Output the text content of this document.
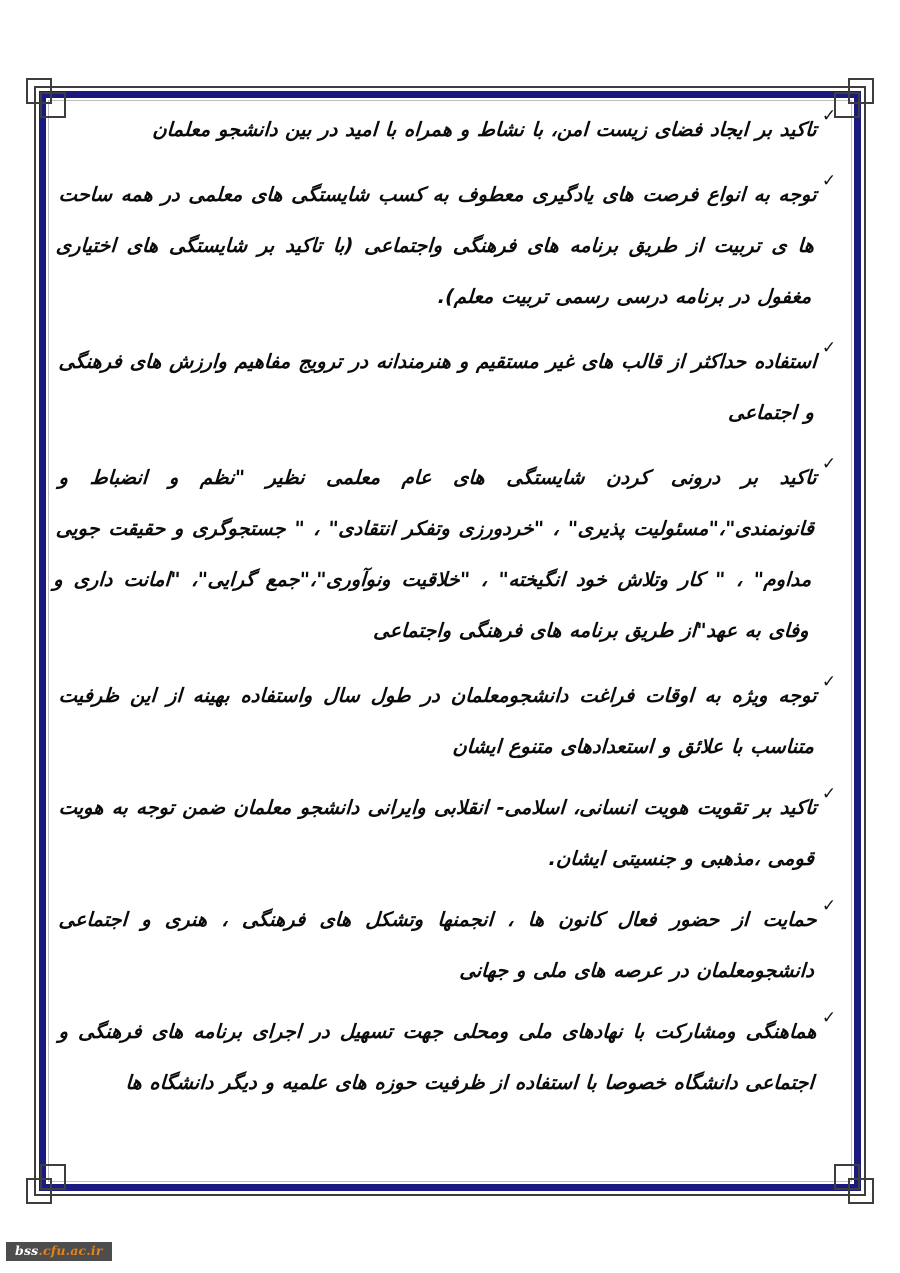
✓
تاکید بر ایجاد فضای زیست امن، با نشاط و همراه با امید در بین دانشجو معلمان
✓
توجه به انواع فرصت های یادگیری معطوف به کسب شایستگی های معلمی در همه ساحت ها ی تربیت از طریق برنامه های فرهنگی واجتماعی (با تاکید بر شایستگی های اختیاری مغفول در برنامه درسی رسمی تربیت معلم).
✓
استفاده حداکثر از قالب های غیر مستقیم و هنرمندانه در ترویج مفاهیم وارزش های فرهنگی و اجتماعی
✓
تاکید بر درونی کردن شایستگی های عام معلمی نظیر "نظم و انضباط و قانونمندی"،"مسئولیت پذیری" ، "خردورزی وتفکر انتقادی" ، " جستجوگری و حقیقت جویی مداوم" ، " کار وتلاش خود انگیخته" ، "خلاقیت ونوآوری"،"جمع گرایی"، "امانت داری و وفای به عهد"از طریق برنامه های فرهنگی واجتماعی
✓
توجه ویژه به اوقات فراغت دانشجومعلمان در طول سال واستفاده بهینه از این ظرفیت متناسب با علائق و استعدادهای متنوع ایشان
✓
تاکید بر تقویت هویت انسانی، اسلامی- انقلابی وایرانی دانشجو معلمان ضمن توجه به هویت قومی ،مذهبی و جنسیتی ایشان.
✓
حمایت از حضور فعال کانون ها ، انجمنها وتشکل های فرهنگی ، هنری و اجتماعی دانشجومعلمان در عرصه های ملی و جهانی
✓
هماهنگی ومشارکت با نهادهای ملی ومحلی جهت تسهیل در اجرای برنامه های فرهنگی و اجتماعی دانشگاه خصوصا با استفاده از ظرفیت حوزه های علمیه و دیگر دانشگاه ها
bss.cfu.ac.ir
